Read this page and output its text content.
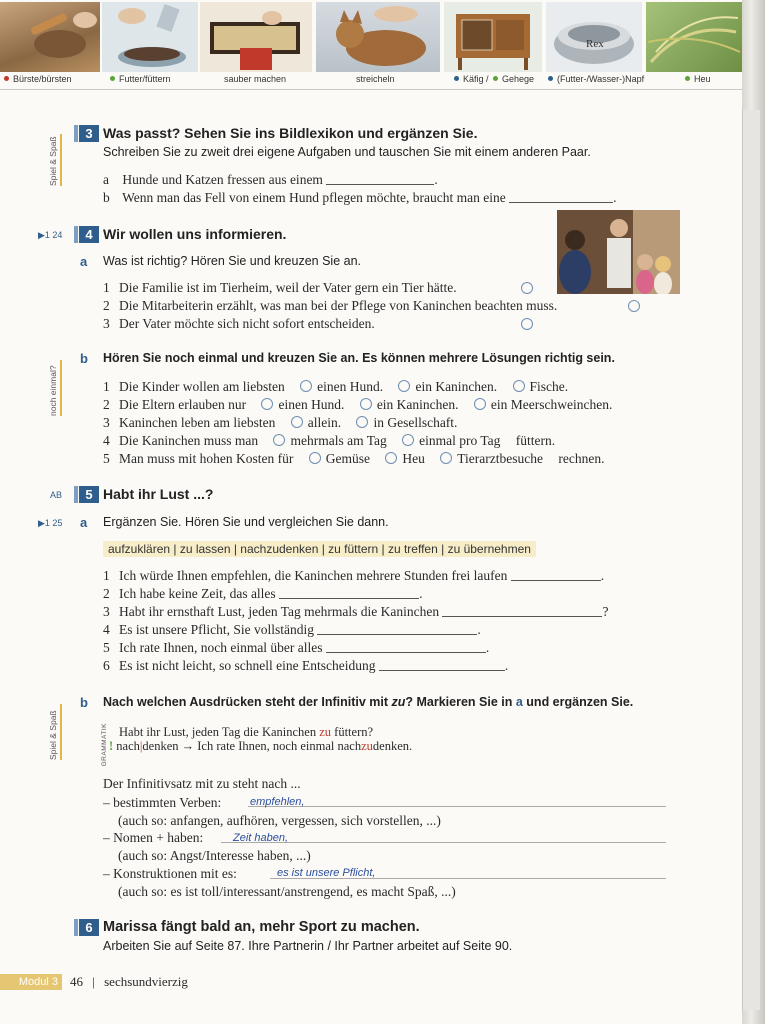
Rex
Bürste/bürsten	Futter/füttern	sauber machen	streicheln	Käfig / Gehege	(Futter-/Wasser-)Napf	Heu
Spiel & Spaß
3 Was passt? Sehen Sie ins Bildlexikon und ergänzen Sie.
Schreiben Sie zu zweit drei eigene Aufgaben und tauschen Sie mit einem anderen Paar.
a Hunde und Katzen fressen aus einem	.
b Wenn man das Fell von einem Hund pflegen möchte, braucht man eine	.
▶1 24	4 Wir wollen uns informieren.
a Was ist richtig? Hören Sie und kreuzen Sie an.
1 Die Familie ist im Tierheim, weil der Vater gern ein Tier hätte.
2 Die Mitarbeiterin erzählt, was man bei der Pflege von Kaninchen beachten muss.
3 Der Vater möchte sich nicht sofort entscheiden.
noch einmal?
b Hören Sie noch einmal und kreuzen Sie an. Es können mehrere Lösungen richtig sein.
1 Die Kinder wollen am liebsten einen Hund. ein Kaninchen. Fische.
2 Die Eltern erlauben nur einen Hund. ein Kaninchen. ein Meerschweinchen.
3 Kaninchen leben am liebsten allein. in Gesellschaft.
4 Die Kaninchen muss man mehrmals am Tag einmal pro Tag füttern.
5 Man muss mit hohen Kosten für Gemüse Heu Tierarztbesuche rechnen.
AB	5 Habt ihr Lust ...?
▶1 25 a Ergänzen Sie. Hören Sie und vergleichen Sie dann.
aufzuklären | zu lassen | nachzudenken | zu füttern | zu treffen | zu übernehmen
1 Ich würde Ihnen empfehlen, die Kaninchen mehrere Stunden frei laufen	.
2 Ich habe keine Zeit, das alles	.
3 Habt ihr ernsthaft Lust, jeden Tag mehrmals die Kaninchen	?
4 Es ist unsere Pflicht, Sie vollständig	.
5 Ich rate Ihnen, noch einmal über alles	.
6 Es ist nicht leicht, so schnell eine Entscheidung	.
Spiel & Spaß
b Nach welchen Ausdrücken steht der Infinitiv mit zu? Markieren Sie in a und ergänzen Sie.
GRAMMATIK Habt ihr Lust, jeden Tag die Kaninchen zu füttern?
! nach|denken → Ich rate Ihnen, noch einmal nachzudenken.
Der Infinitivsatz mit zu steht nach ...
– bestimmten Verben:	empfehlen,
(auch so: anfangen, aufhören, vergessen, sich vorstellen, ...)
– Nomen + haben:	Zeit haben,
(auch so: Angst/Interesse haben, ...)
– Konstruktionen mit es:	es ist unsere Pflicht,
(auch so: es ist toll/interessant/anstrengend, es macht Spaß, ...)
6 Marissa fängt bald an, mehr Sport zu machen.
Arbeiten Sie auf Seite 87. Ihre Partnerin / Ihr Partner arbeitet auf Seite 90.
Modul 3 46 | sechsundvierzig
